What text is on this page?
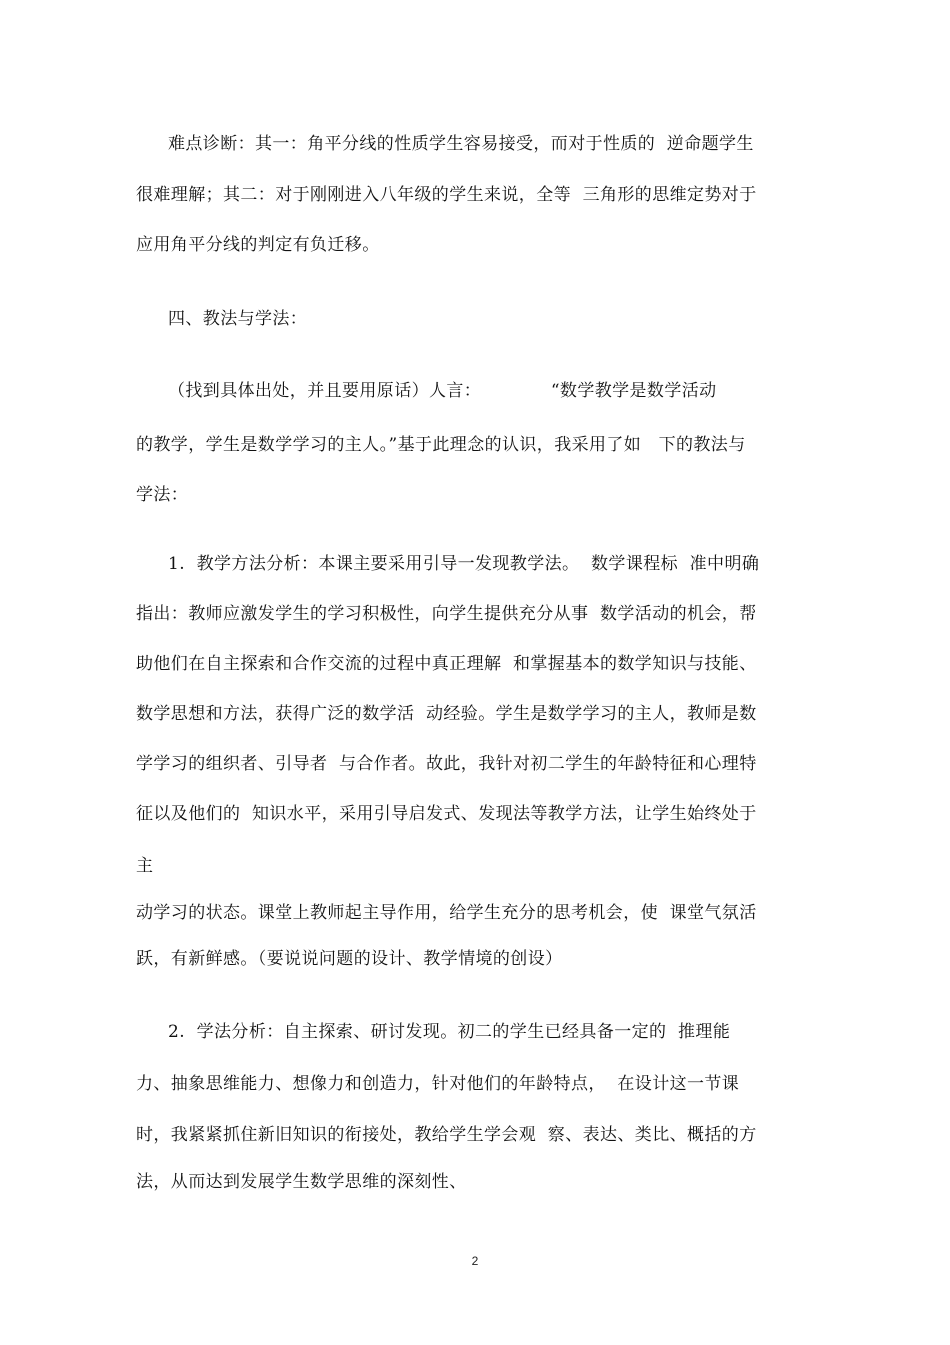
难点诊断：其一：角平分线的性质学生容易接受，而对于性质的  逆命题学生
很难理解；其二：对于刚刚进入八年级的学生来说，全等  三角形的思维定势对于
应用角平分线的判定有负迁移。
四、教法与学法：
（找到具体出处，并且要用原话）人言：            “数学教学是数学活动
的教学，学生是数学学习的主人。”基于此理念的认识，我采用了如   下的教法与
学法：
1.  教学方法分析：本课主要采用引导一发现教学法。  数学课程标  准中明确
指出：教师应激发学生的学习积极性，向学生提供充分从事  数学活动的机会，帮
助他们在自主探索和合作交流的过程中真正理解  和掌握基本的数学知识与技能、
数学思想和方法，获得广泛的数学活  动经验。学生是数学学习的主人，教师是数
学学习的组织者、引导者  与合作者。故此，我针对初二学生的年龄特征和心理特
征以及他们的  知识水平，采用引导启发式、发现法等教学方法，让学生始终处于
主
动学习的状态。课堂上教师起主导作用，给学生充分的思考机会，使  课堂气氛活
跃，有新鲜感。（要说说问题的设计、教学情境的创设）
2.  学法分析：自主探索、研讨发现。初二的学生已经具备一定的  推理能
力、抽象思维能力、想像力和创造力，针对他们的年龄特点，  在设计这一节课
时，我紧紧抓住新旧知识的衔接处，教给学生学会观  察、表达、类比、概括的方
法，从而达到发展学生数学思维的深刻性、
2
